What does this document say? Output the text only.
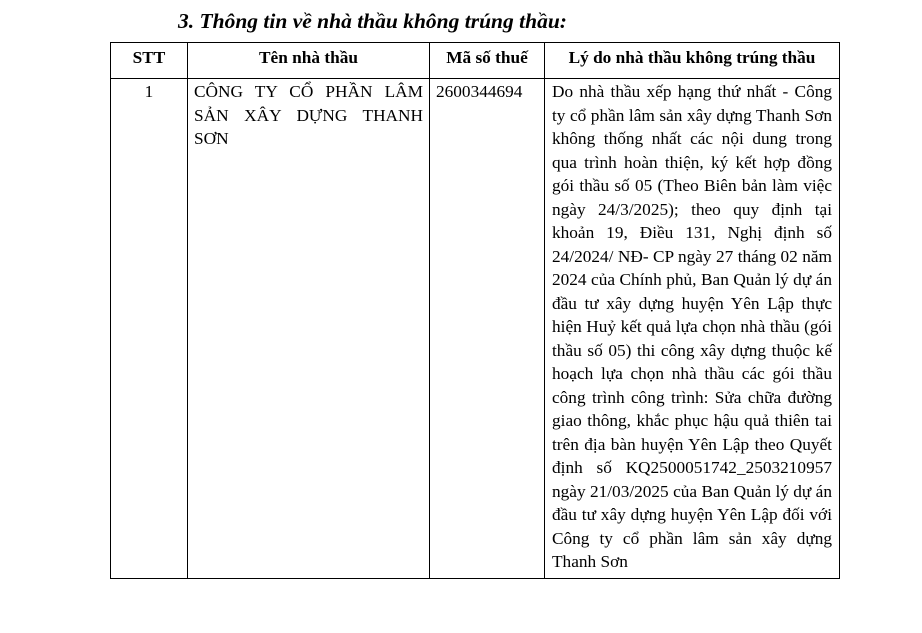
3. Thông tin về nhà thầu không trúng thầu:
STT	Tên nhà thầu	Mã số thuế	Lý do nhà thầu không trúng thầu
1	CÔNG TY CỔ PHẦN LÂM SẢN XÂY DỰNG THANH SƠN	2600344694	Do nhà thầu xếp hạng thứ nhất - Công ty cổ phần lâm sản xây dựng Thanh Sơn không thống nhất các nội dung trong qua trình hoàn thiện, ký kết hợp đồng gói thầu số 05 (Theo Biên bản làm việc ngày 24/3/2025); theo quy định tại khoản 19, Điều 131, Nghị định số 24/2024/ NĐ- CP ngày 27 tháng 02 năm 2024 của Chính phủ, Ban Quản lý dự án đầu tư xây dựng huyện Yên Lập thực hiện Huỷ kết quả lựa chọn nhà thầu (gói thầu số 05) thi công xây dựng thuộc kế hoạch lựa chọn nhà thầu các gói thầu công trình công trình: Sửa chữa đường giao thông, khắc phục hậu quả thiên tai trên địa bàn huyện Yên Lập theo Quyết định số KQ2500051742_2503210957 ngày 21/03/2025 của Ban Quản lý dự án đầu tư xây dựng huyện Yên Lập đối với Công ty cổ phần lâm sản xây dựng Thanh Sơn
